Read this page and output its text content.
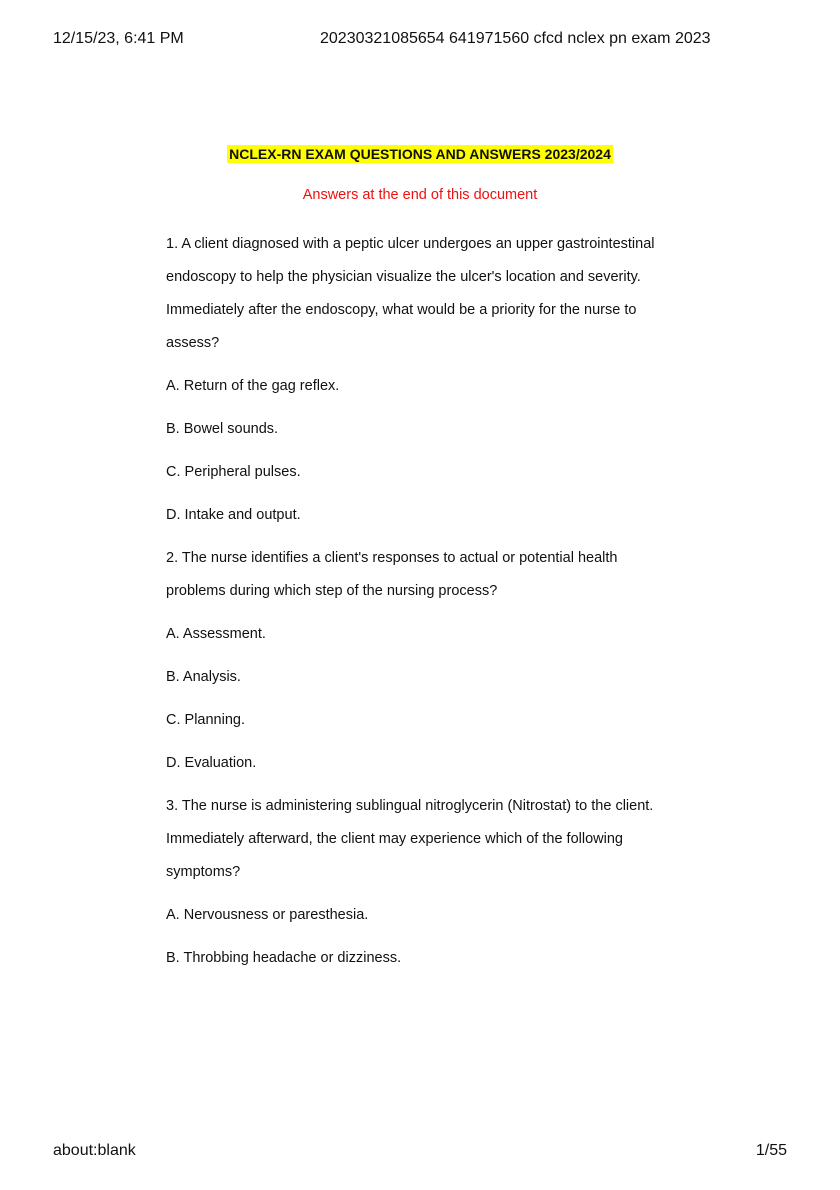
12/15/23, 6:41 PM	20230321085654 641971560 cfcd nclex pn exam 2023
NCLEX-RN EXAM QUESTIONS AND ANSWERS 2023/2024
Answers at the end of this document

1. A client diagnosed with a peptic ulcer undergoes an upper gastrointestinal endoscopy to help the physician visualize the ulcer's location and severity. Immediately after the endoscopy, what would be a priority for the nurse to assess?

A. Return of the gag reflex.

B. Bowel sounds.

C. Peripheral pulses.

D. Intake and output.

2. The nurse identifies a client's responses to actual or potential health problems during which step of the nursing process?

A. Assessment.

B. Analysis.

C. Planning.

D. Evaluation.

3. The nurse is administering sublingual nitroglycerin (Nitrostat) to the client. Immediately afterward, the client may experience which of the following symptoms?

A. Nervousness or paresthesia.

B. Throbbing headache or dizziness.

about:blank	1/55
